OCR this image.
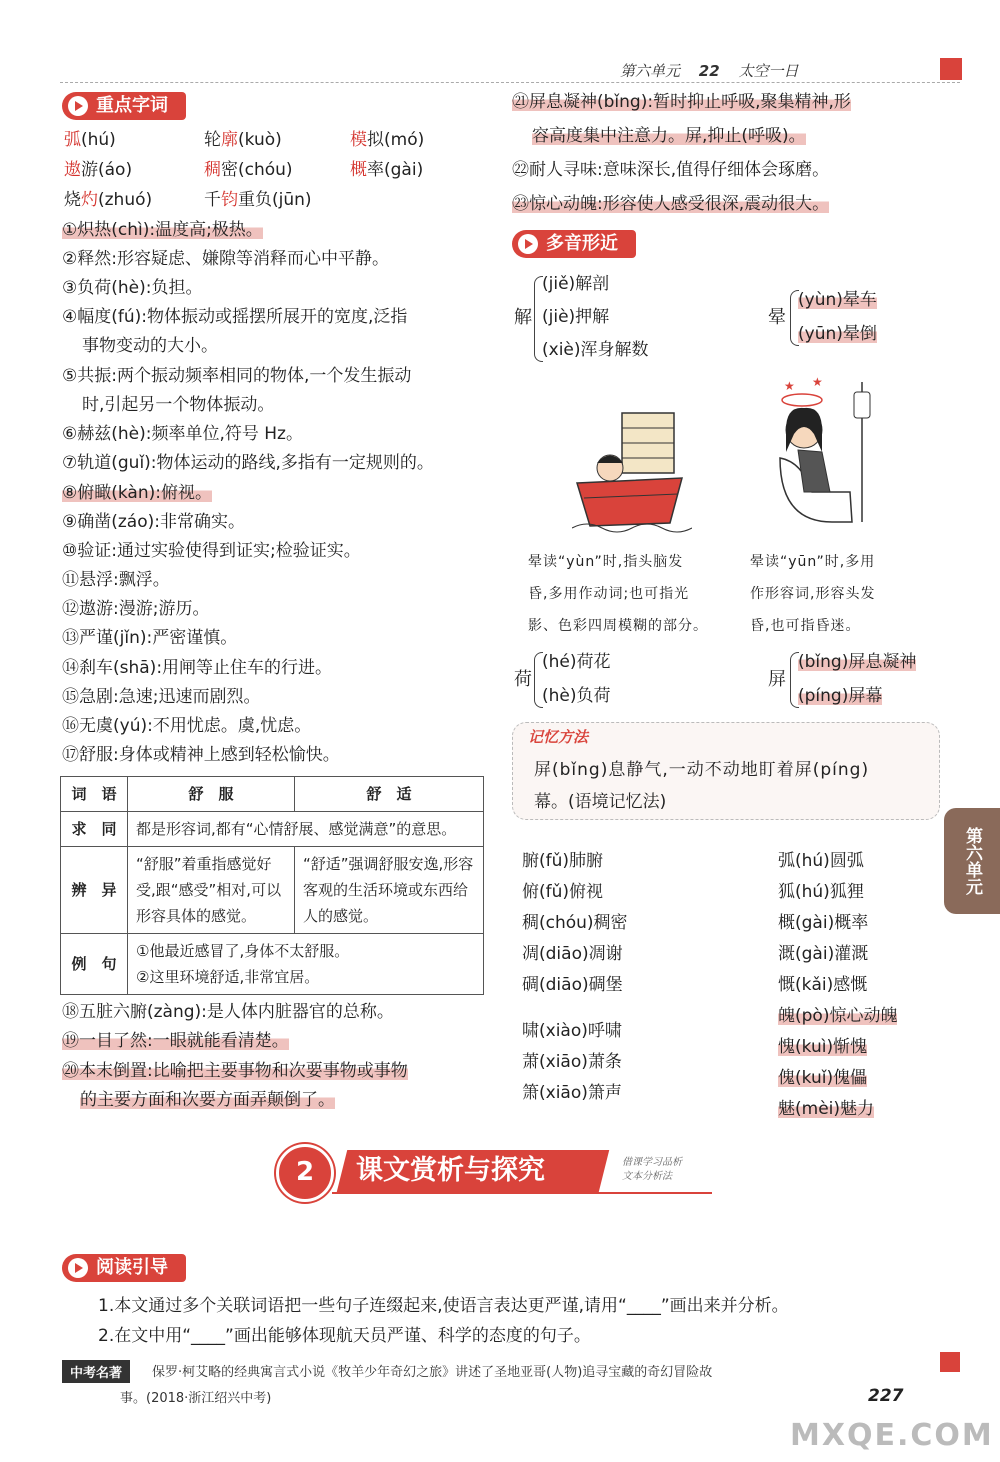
第六单元 22 太空一日
重点字词
弧(hú)	轮廓(kuò)	模拟(mó)
遨游(áo)	稠密(chóu)	概率(gài)
烧灼(zhuó)	千钧重负(jūn)
①炽热(chì):温度高;极热。
②释然:形容疑虑、嫌隙等消释而心中平静。
③负荷(hè):负担。
④幅度(fú):物体振动或摇摆所展开的宽度,泛指
事物变动的大小。
⑤共振:两个振动频率相同的物体,一个发生振动
时,引起另一个物体振动。
⑥赫兹(hè):频率单位,符号 Hz。
⑦轨道(guǐ):物体运动的路线,多指有一定规则的。
⑧俯瞰(kàn):俯视。
⑨确凿(záo):非常确实。
⑩验证:通过实验使得到证实;检验证实。
⑪悬浮:飘浮。
⑫遨游:漫游;游历。
⑬严谨(jǐn):严密谨慎。
⑭刹车(shā):用闸等止住车的行进。
⑮急剧:急速;迅速而剧烈。
⑯无虞(yú):不用忧虑。虞,忧虑。
⑰舒服:身体或精神上感到轻松愉快。
词　语	舒　服	舒　适
求　同	都是形容词,都有“心情舒展、感觉满意”的意思。	
辨　异	“舒服”着重指感觉好受,跟“感受”相对,可以形容具体的感觉。	“舒适”强调舒服安逸,形容客观的生活环境或东西给人的感觉。
例　句	①他最近感冒了,身体不太舒服。
②这里环境舒适,非常宜居。	
⑱五脏六腑(zàng):是人体内脏器官的总称。
⑲一目了然:一眼就能看清楚。
⑳本末倒置:比喻把主要事物和次要事物或事物
的主要方面和次要方面弄颠倒了。
㉑屏息凝神(bǐng):暂时抑止呼吸,聚集精神,形
容高度集中注意力。屏,抑止(呼吸)。
㉒耐人寻味:意味深长,值得仔细体会琢磨。
㉓惊心动魄:形容使人感受很深,震动很大。
多音形近
解
(jiě)解剖
(jiè)押解
(xiè)浑身解数
晕
(yùn)晕车
(yūn)晕倒
★ ★
晕读“yùn”时,指头脑发
昏,多用作动词;也可指光
影、色彩四周模糊的部分。
晕读“yūn”时,多用
作形容词,形容头发
昏,也可指昏迷。
荷
(hé)荷花
(hè)负荷
屏
(bǐng)屏息凝神
(píng)屏幕
记忆方法
屏(bǐng)息静气,一动不动地盯着屏(píng)
幕。(语境记忆法)
腑(fǔ)肺腑
俯(fǔ)俯视
稠(chóu)稠密
凋(diāo)凋谢
碉(diāo)碉堡
啸(xiào)呼啸
萧(xiāo)萧条
箫(xiāo)箫声
弧(hú)圆弧
狐(hú)狐狸
概(gài)概率
溉(gài)灌溉
慨(kǎi)感慨
魄(pò)惊心动魄
愧(kuì)惭愧
傀(kuǐ)傀儡
魅(mèi)魅力
第六单元
2	课文赏析与探究	借课学习品析
文本分析法
阅读引导
1.本文通过多个关联词语把一些句子连缀起来,使语言表达更严谨,请用“____”画出来并分析。
2.在文中用“____”画出能够体现航天员严谨、科学的态度的句子。
中考名著	保罗·柯艾略的经典寓言式小说《牧羊少年奇幻之旅》讲述了圣地亚哥(人物)追寻宝藏的奇幻冒险故
事。(2018·浙江绍兴中考)	227
MXQE.COM
